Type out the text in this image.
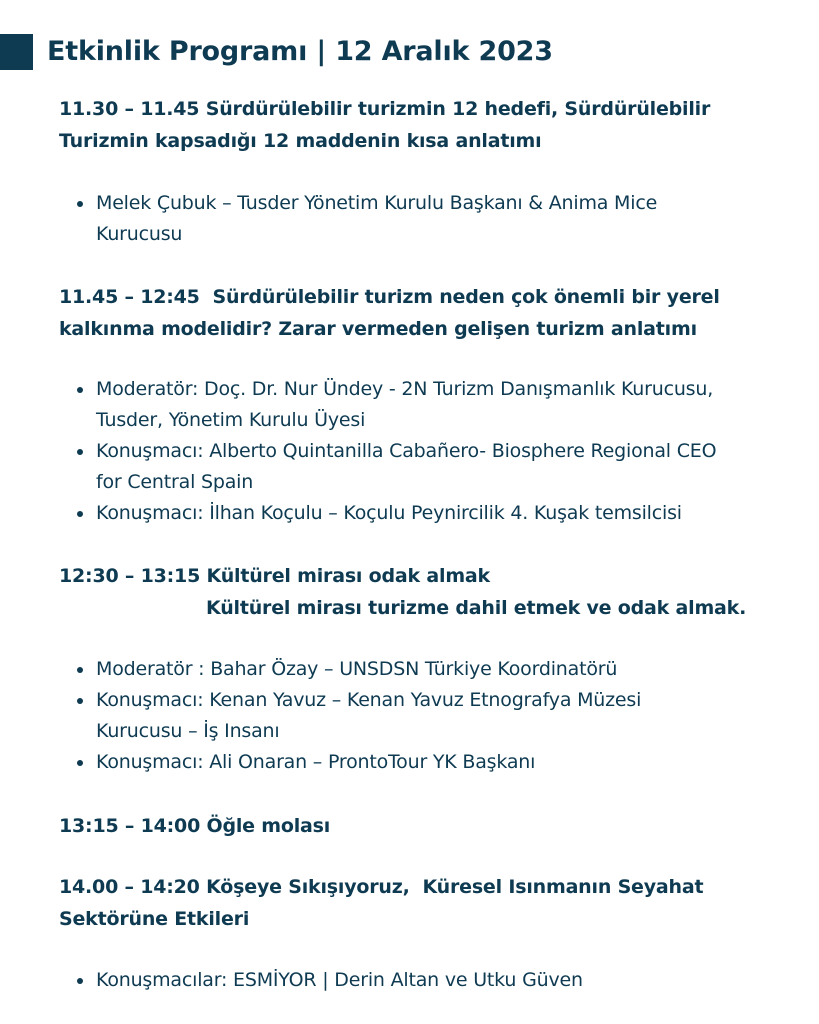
Etkinlik Programı | 12 Aralık 2023
11.30 – 11.45 Sürdürülebilir turizmin 12 hedefi, Sürdürülebilir
Turizmin kapsadığı 12 maddenin kısa anlatımı
Melek Çubuk – Tusder Yönetim Kurulu Başkanı & Anima Mice
Kurucusu
11.45 – 12:45  Sürdürülebilir turizm neden çok önemli bir yerel
kalkınma modelidir? Zarar vermeden gelişen turizm anlatımı
Moderatör: Doç. Dr. Nur Ündey - 2N Turizm Danışmanlık Kurucusu,
Tusder, Yönetim Kurulu Üyesi
Konuşmacı: Alberto Quintanilla Cabañero- Biosphere Regional CEO
for Central Spain
Konuşmacı: İlhan Koçulu – Koçulu Peynircilik 4. Kuşak temsilcisi
12:30 – 13:15 Kültürel mirası odak almak
Kültürel mirası turizme dahil etmek ve odak almak.
Moderatör : Bahar Özay – UNSDSN Türkiye Koordinatörü
Konuşmacı: Kenan Yavuz – Kenan Yavuz Etnografya Müzesi
Kurucusu – İş Insanı
Konuşmacı: Ali Onaran – ProntoTour YK Başkanı
13:15 – 14:00 Öğle molası
14.00 – 14:20 Köşeye Sıkışıyoruz,  Küresel Isınmanın Seyahat
Sektörüne Etkileri
Konuşmacılar: ESMİYOR | Derin Altan ve Utku Güven
